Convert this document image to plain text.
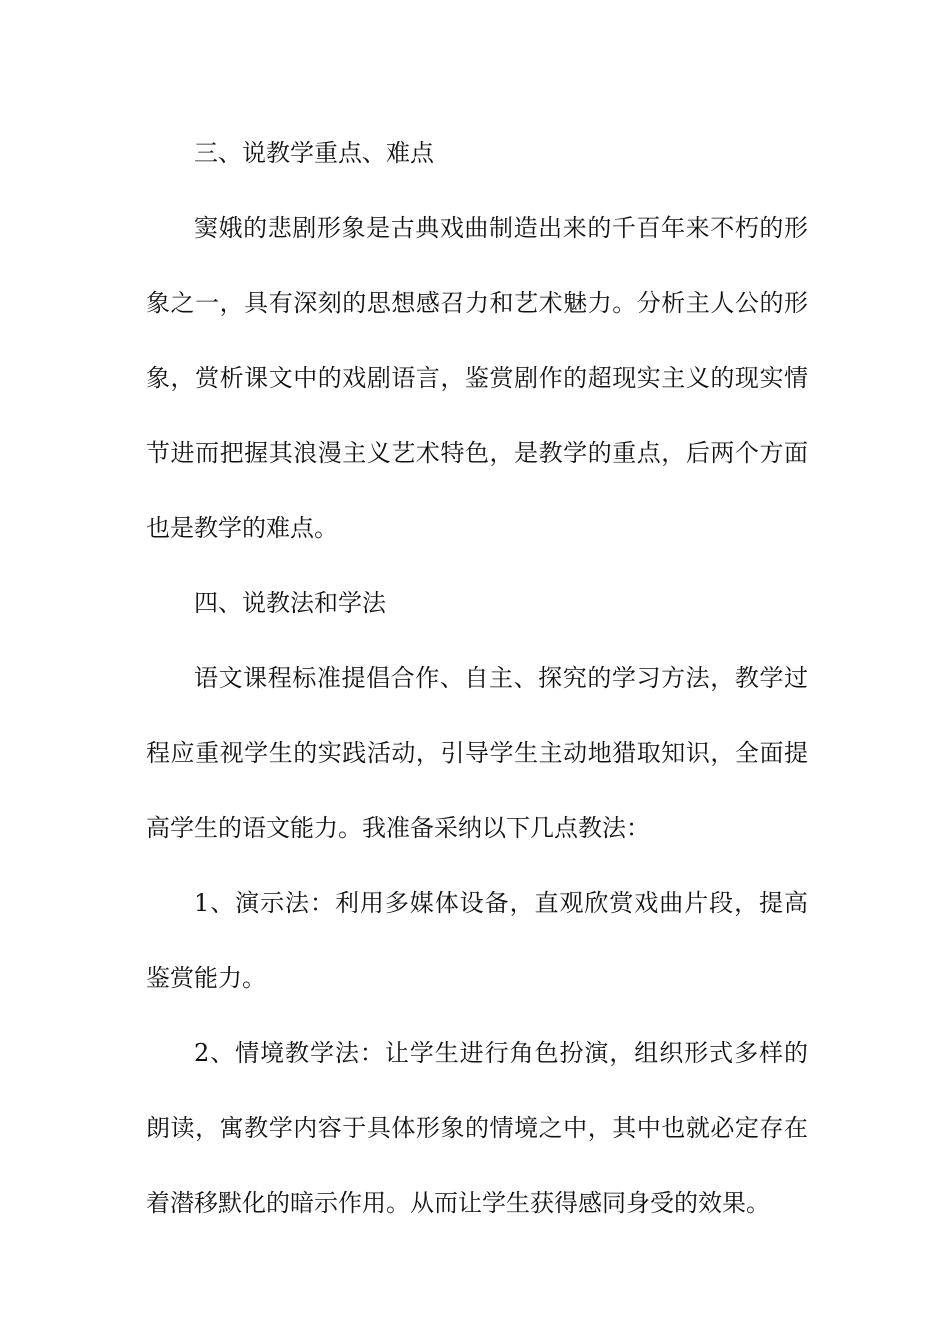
三、说教学重点、难点

窦娥的悲剧形象是古典戏曲制造出来的千百年来不朽的形象之一，具有深刻的思想感召力和艺术魅力。分析主人公的形象，赏析课文中的戏剧语言，鉴赏剧作的超现实主义的现实情节进而把握其浪漫主义艺术特色，是教学的重点，后两个方面也是教学的难点。

四、说教法和学法

语文课程标准提倡合作、自主、探究的学习方法，教学过程应重视学生的实践活动，引导学生主动地猎取知识，全面提高学生的语文能力。我准备采纳以下几点教法：

1、演示法：利用多媒体设备，直观欣赏戏曲片段，提高鉴赏能力。

2、情境教学法：让学生进行角色扮演，组织形式多样的朗读，寓教学内容于具体形象的情境之中，其中也就必定存在着潜移默化的暗示作用。从而让学生获得感同身受的效果。
